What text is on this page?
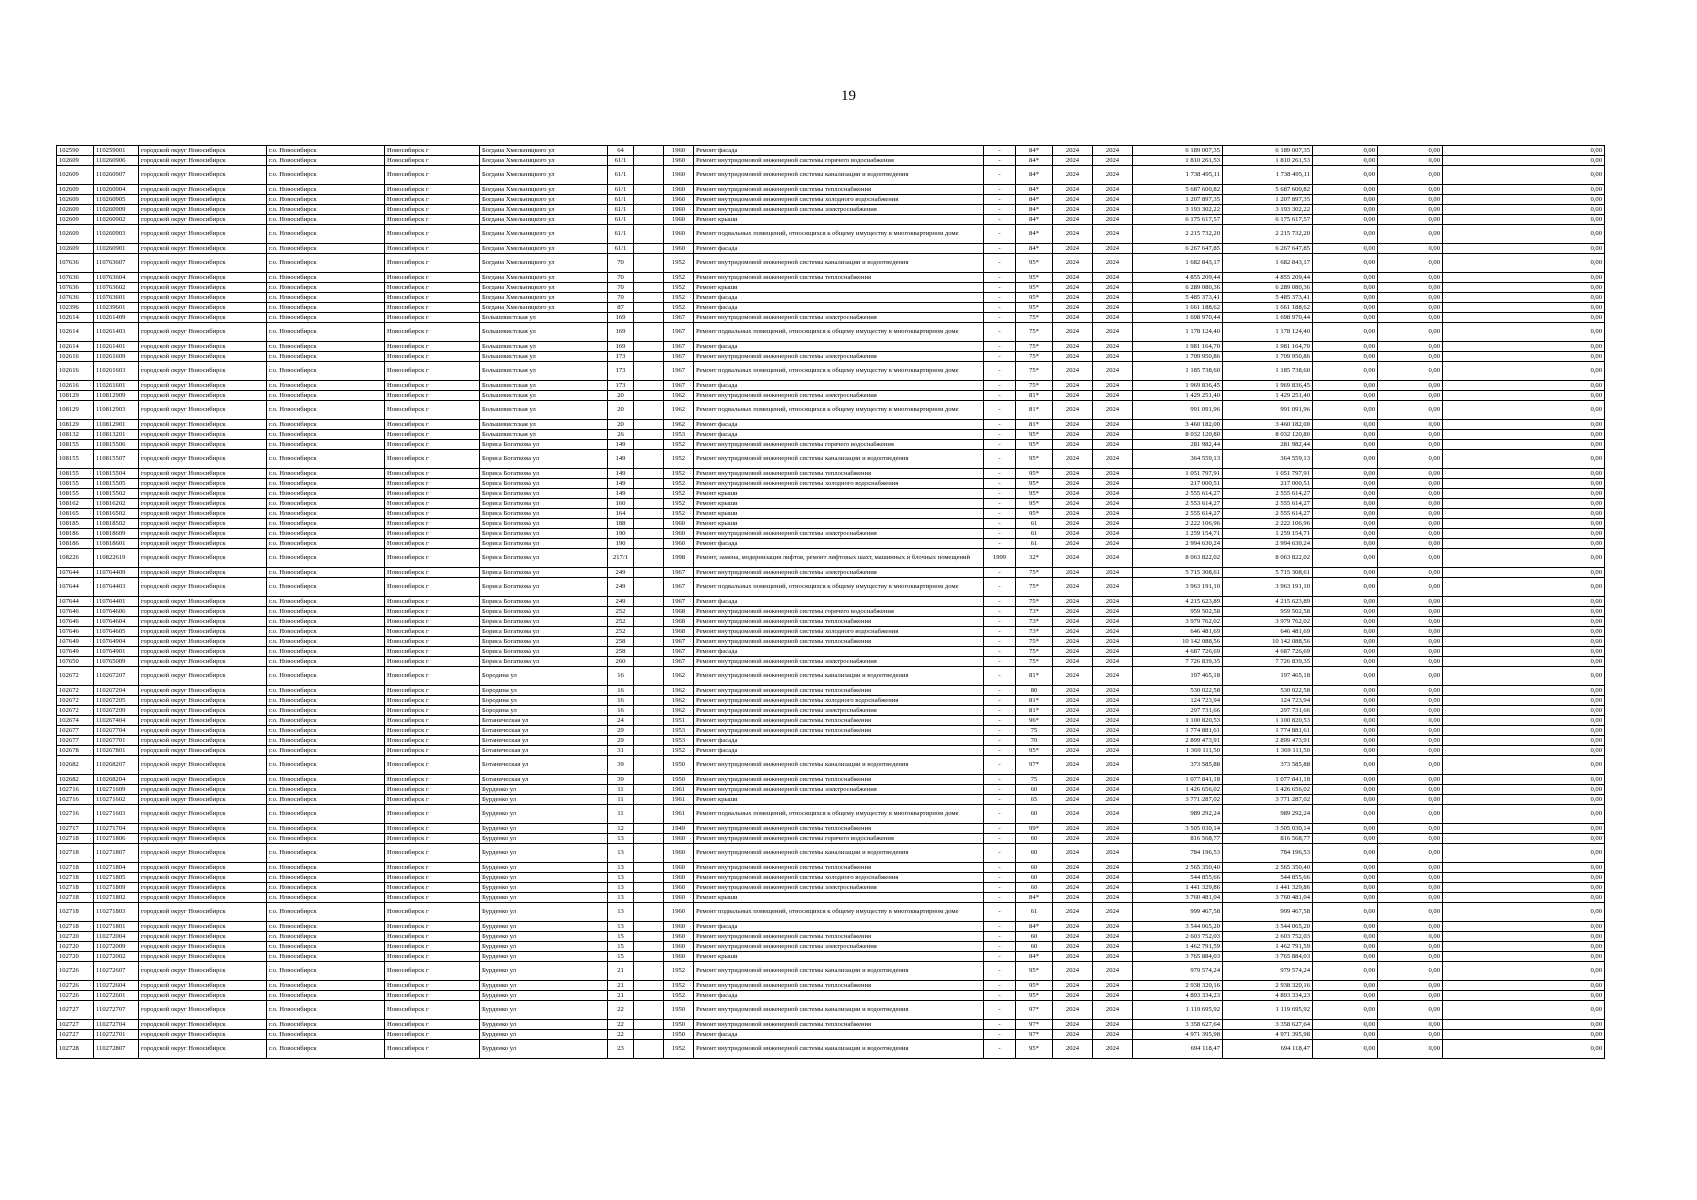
19
102590	110259001	городской округ Новосибирск	г.о. Новосибирск	Новосибирск г	Богдана Хмельницкого ул	64		1960	Ремонт фасада	-	84*	2024	2024	6 189 007,35	6 189 007,35	0,00	0,00	0,00
102609	110260906	городской округ Новосибирск	г.о. Новосибирск	Новосибирск г	Богдана Хмельницкого ул	61/1		1960	Ремонт внутридомовой инженерной системы горячего водоснабжения	-	84*	2024	2024	1 810 261,53	1 810 261,53	0,00	0,00	0,00
102609	110260907	городской округ Новосибирск	г.о. Новосибирск	Новосибирск г	Богдана Хмельницкого ул	61/1		1960	Ремонт внутридомовой инженерной системы канализации и водоотведения	-	84*	2024	2024	1 738 495,11	1 738 495,11	0,00	0,00	0,00
102609	110260904	городской округ Новосибирск	г.о. Новосибирск	Новосибирск г	Богдана Хмельницкого ул	61/1		1960	Ремонт внутридомовой инженерной системы теплоснабжения	-	84*	2024	2024	5 687 600,82	5 687 600,82	0,00	0,00	0,00
102609	110260905	городской округ Новосибирск	г.о. Новосибирск	Новосибирск г	Богдана Хмельницкого ул	61/1		1960	Ремонт внутридомовой инженерной системы холодного водоснабжения	-	84*	2024	2024	1 207 897,35	1 207 897,35	0,00	0,00	0,00
102609	110260909	городской округ Новосибирск	г.о. Новосибирск	Новосибирск г	Богдана Хмельницкого ул	61/1		1960	Ремонт внутридомовой инженерной системы электроснабжения	-	84*	2024	2024	3 193 302,22	3 193 302,22	0,00	0,00	0,00
102609	110260902	городской округ Новосибирск	г.о. Новосибирск	Новосибирск г	Богдана Хмельницкого ул	61/1		1960	Ремонт крыши	-	84*	2024	2024	6 175 617,57	6 175 617,57	0,00	0,00	0,00
102609	110260903	городской округ Новосибирск	г.о. Новосибирск	Новосибирск г	Богдана Хмельницкого ул	61/1		1960	Ремонт подвальных помещений, относящихся к общему имуществу в многоквартирном доме	-	84*	2024	2024	2 215 732,20	2 215 732,20	0,00	0,00	0,00
102609	110260901	городской округ Новосибирск	г.о. Новосибирск	Новосибирск г	Богдана Хмельницкого ул	61/1		1960	Ремонт фасада	-	84*	2024	2024	6 267 647,85	6 267 647,85	0,00	0,00	0,00
107636	110763607	городской округ Новосибирск	г.о. Новосибирск	Новосибирск г	Богдана Хмельницкого ул	70		1952	Ремонт внутридомовой инженерной системы канализации и водоотведения	-	95*	2024	2024	1 682 843,17	1 682 843,17	0,00	0,00	0,00
107636	110763604	городской округ Новосибирск	г.о. Новосибирск	Новосибирск г	Богдана Хмельницкого ул	70		1952	Ремонт внутридомовой инженерной системы теплоснабжения	-	95*	2024	2024	4 855 209,44	4 855 209,44	0,00	0,00	0,00
107636	110763602	городской округ Новосибирск	г.о. Новосибирск	Новосибирск г	Богдана Хмельницкого ул	70		1952	Ремонт крыши	-	95*	2024	2024	6 289 080,36	6 289 080,36	0,00	0,00	0,00
107636	110763601	городской округ Новосибирск	г.о. Новосибирск	Новосибирск г	Богдана Хмельницкого ул	70		1952	Ремонт фасада	-	95*	2024	2024	5 485 373,41	5 485 373,41	0,00	0,00	0,00
102396	110239601	городской округ Новосибирск	г.о. Новосибирск	Новосибирск г	Богдана Хмельницкого ул	87		1952	Ремонт фасада	-	95*	2024	2024	1 661 188,62	1 661 188,62	0,00	0,00	0,00
102614	110261409	городской округ Новосибирск	г.о. Новосибирск	Новосибирск г	Большевистская ул	169		1967	Ремонт внутридомовой инженерной системы электроснабжения	-	75*	2024	2024	1 698 970,44	1 698 970,44	0,00	0,00	0,00
102614	110261403	городской округ Новосибирск	г.о. Новосибирск	Новосибирск г	Большевистская ул	169		1967	Ремонт подвальных помещений, относящихся к общему имуществу в многоквартирном доме	-	75*	2024	2024	1 178 124,40	1 178 124,40	0,00	0,00	0,00
102614	110261401	городской округ Новосибирск	г.о. Новосибирск	Новосибирск г	Большевистская ул	169		1967	Ремонт фасада	-	75*	2024	2024	1 981 164,70	1 981 164,70	0,00	0,00	0,00
102616	110261609	городской округ Новосибирск	г.о. Новосибирск	Новосибирск г	Большевистская ул	173		1967	Ремонт внутридомовой инженерной системы электроснабжения	-	75*	2024	2024	1 709 950,86	1 709 950,86	0,00	0,00	0,00
102616	110261603	городской округ Новосибирск	г.о. Новосибирск	Новосибирск г	Большевистская ул	173		1967	Ремонт подвальных помещений, относящихся к общему имуществу в многоквартирном доме	-	75*	2024	2024	1 185 738,60	1 185 738,60	0,00	0,00	0,00
102616	110261601	городской округ Новосибирск	г.о. Новосибирск	Новосибирск г	Большевистская ул	173		1967	Ремонт фасада	-	75*	2024	2024	1 969 836,45	1 969 836,45	0,00	0,00	0,00
108129	110812909	городской округ Новосибирск	г.о. Новосибирск	Новосибирск г	Большевистская ул	20		1962	Ремонт внутридомовой инженерной системы электроснабжения	-	81*	2024	2024	1 429 251,40	1 429 251,40	0,00	0,00	0,00
108129	110812903	городской округ Новосибирск	г.о. Новосибирск	Новосибирск г	Большевистская ул	20		1962	Ремонт подвальных помещений, относящихся к общему имуществу в многоквартирном доме	-	81*	2024	2024	991 091,96	991 091,96	0,00	0,00	0,00
108129	110812901	городской округ Новосибирск	г.о. Новосибирск	Новосибирск г	Большевистская ул	20		1962	Ремонт фасада	-	81*	2024	2024	3 460 182,00	3 460 182,00	0,00	0,00	0,00
108132	110813201	городской округ Новосибирск	г.о. Новосибирск	Новосибирск г	Большевистская ул	26		1953	Ремонт фасада	-	95*	2024	2024	8 032 120,80	8 032 120,80	0,00	0,00	0,00
108155	110815506	городской округ Новосибирск	г.о. Новосибирск	Новосибирск г	Бориса Богаткова ул	149		1952	Ремонт внутридомовой инженерной системы горячего водоснабжения	-	95*	2024	2024	281 982,44	281 982,44	0,00	0,00	0,00
108155	110815507	городской округ Новосибирск	г.о. Новосибирск	Новосибирск г	Бориса Богаткова ул	149		1952	Ремонт внутридомовой инженерной системы канализации и водоотведения	-	95*	2024	2024	364 559,13	364 559,13	0,00	0,00	0,00
108155	110815504	городской округ Новосибирск	г.о. Новосибирск	Новосибирск г	Бориса Богаткова ул	149		1952	Ремонт внутридомовой инженерной системы теплоснабжения	-	95*	2024	2024	1 051 797,91	1 051 797,91	0,00	0,00	0,00
108155	110815505	городской округ Новосибирск	г.о. Новосибирск	Новосибирск г	Бориса Богаткова ул	149		1952	Ремонт внутридомовой инженерной системы холодного водоснабжения	-	95*	2024	2024	217 000,51	217 000,51	0,00	0,00	0,00
108155	110815502	городской округ Новосибирск	г.о. Новосибирск	Новосибирск г	Бориса Богаткова ул	149		1952	Ремонт крыши	-	95*	2024	2024	2 555 614,27	2 555 614,27	0,00	0,00	0,00
108162	110816202	городской округ Новосибирск	г.о. Новосибирск	Новосибирск г	Бориса Богаткова ул	160		1952	Ремонт крыши	-	95*	2024	2024	2 553 614,27	2 555 614,27	0,00	0,00	0,00
108165	110816502	городской округ Новосибирск	г.о. Новосибирск	Новосибирск г	Бориса Богаткова ул	164		1952	Ремонт крыши	-	95*	2024	2024	2 555 614,27	2 555 614,27	0,00	0,00	0,00
108185	110818502	городской округ Новосибирск	г.о. Новосибирск	Новосибирск г	Бориса Богаткова ул	188		1960	Ремонт крыши	-	61	2024	2024	2 222 106,96	2 222 106,96	0,00	0,00	0,00
108186	110818609	городской округ Новосибирск	г.о. Новосибирск	Новосибирск г	Бориса Богаткова ул	190		1960	Ремонт внутридомовой инженерной системы электроснабжения	-	61	2024	2024	1 259 154,71	1 259 154,71	0,00	0,00	0,00
108186	110818601	городской округ Новосибирск	г.о. Новосибирск	Новосибирск г	Бориса Богаткова ул	190		1960	Ремонт фасада	-	61	2024	2024	2 994 630,24	2 994 630,24	0,00	0,00	0,00
108226	110822619	городской округ Новосибирск	г.о. Новосибирск	Новосибирск г	Бориса Богаткова ул	217/1		1998	Ремонт, замена, модернизация лифтов, ремонт лифтовых шахт, машинных и блочных помещений	1999	32*	2024	2024	8 063 822,02	8 063 822,02	0,00	0,00	0,00
107644	110764409	городской округ Новосибирск	г.о. Новосибирск	Новосибирск г	Бориса Богаткова ул	249		1967	Ремонт внутридомовой инженерной системы электроснабжения	-	75*	2024	2024	5 715 308,61	5 715 308,61	0,00	0,00	0,00
107644	110764403	городской округ Новосибирск	г.о. Новосибирск	Новосибирск г	Бориса Богаткова ул	249		1967	Ремонт подвальных помещений, относящихся к общему имуществу в многоквартирном доме	-	75*	2024	2024	3 963 191,10	3 963 191,10	0,00	0,00	0,00
107644	110764401	городской округ Новосибирск	г.о. Новосибирск	Новосибирск г	Бориса Богаткова ул	249		1967	Ремонт фасада	-	75*	2024	2024	4 215 623,89	4 215 623,89	0,00	0,00	0,00
107646	110764606	городской округ Новосибирск	г.о. Новосибирск	Новосибирск г	Бориса Богаткова ул	252		1968	Ремонт внутридомовой инженерной системы горячего водоснабжения	-	73*	2024	2024	959 502,58	959 502,58	0,00	0,00	0,00
107646	110764604	городской округ Новосибирск	г.о. Новосибирск	Новосибирск г	Бориса Богаткова ул	252		1968	Ремонт внутридомовой инженерной системы теплоснабжения	-	73*	2024	2024	3 979 762,02	3 979 762,02	0,00	0,00	0,00
107646	110764605	городской округ Новосибирск	г.о. Новосибирск	Новосибирск г	Бориса Богаткова ул	252		1968	Ремонт внутридомовой инженерной системы холодного водоснабжения	-	73*	2024	2024	646 481,69	646 481,69	0,00	0,00	0,00
107649	110764904	городской округ Новосибирск	г.о. Новосибирск	Новосибирск г	Бориса Богаткова ул	258		1967	Ремонт внутридомовой инженерной системы теплоснабжения	-	75*	2024	2024	10 142 088,56	10 142 088,56	0,00	0,00	0,00
107649	110764901	городской округ Новосибирск	г.о. Новосибирск	Новосибирск г	Бориса Богаткова ул	258		1967	Ремонт фасада	-	75*	2024	2024	4 687 726,69	4 687 726,69	0,00	0,00	0,00
107650	110765009	городской округ Новосибирск	г.о. Новосибирск	Новосибирск г	Бориса Богаткова ул	260		1967	Ремонт внутридомовой инженерной системы электроснабжения	-	75*	2024	2024	7 726 839,35	7 726 839,35	0,00	0,00	0,00
102672	110267207	городской округ Новосибирск	г.о. Новосибирск	Новосибирск г	Бородина ул	16		1962	Ремонт внутридомовой инженерной системы канализации и водоотведения	-	81*	2024	2024	197 465,18	197 465,18	0,00	0,00	0,00
102672	110267204	городской округ Новосибирск	г.о. Новосибирск	Новосибирск г	Бородина ул	16		1962	Ремонт внутридомовой инженерной системы теплоснабжения	-	80	2024	2024	530 022,58	530 022,58	0,00	0,00	0,00
102672	110267205	городской округ Новосибирск	г.о. Новосибирск	Новосибирск г	Бородина ул	16		1962	Ремонт внутридомовой инженерной системы холодного водоснабжения	-	81*	2024	2024	124 723,94	124 723,94	0,00	0,00	0,00
102672	110267209	городской округ Новосибирск	г.о. Новосибирск	Новосибирск г	Бородина ул	16		1962	Ремонт внутридомовой инженерной системы электроснабжения	-	81*	2024	2024	297 731,66	297 731,66	0,00	0,00	0,00
102674	110267404	городской округ Новосибирск	г.о. Новосибирск	Новосибирск г	Ботаническая ул	24		1951	Ремонт внутридомовой инженерной системы теплоснабжения	-	96*	2024	2024	1 100 820,53	1 100 820,53	0,00	0,00	0,00
102677	110267704	городской округ Новосибирск	г.о. Новосибирск	Новосибирск г	Ботаническая ул	29		1953	Ремонт внутридомовой инженерной системы теплоснабжения	-	75	2024	2024	1 774 881,61	1 774 881,61	0,00	0,00	0,00
102677	110267701	городской округ Новосибирск	г.о. Новосибирск	Новосибирск г	Ботаническая ул	29		1953	Ремонт фасада	-	70	2024	2024	2 899 473,91	2 899 473,91	0,00	0,00	0,00
102678	110267801	городской округ Новосибирск	г.о. Новосибирск	Новосибирск г	Ботаническая ул	31		1952	Ремонт фасада	-	95*	2024	2024	1 369 111,50	1 369 111,50	0,00	0,00	0,00
102682	110268207	городской округ Новосибирск	г.о. Новосибирск	Новосибирск г	Ботаническая ул	39		1950	Ремонт внутридомовой инженерной системы канализации и водоотведения	-	97*	2024	2024	373 585,88	373 585,88	0,00	0,00	0,00
102682	110268204	городской округ Новосибирск	г.о. Новосибирск	Новосибирск г	Ботаническая ул	39		1950	Ремонт внутридомовой инженерной системы теплоснабжения	-	75	2024	2024	1 077 841,18	1 077 841,18	0,00	0,00	0,00
102716	110271609	городской округ Новосибирск	г.о. Новосибирск	Новосибирск г	Бурденко ул	11		1961	Ремонт внутридомовой инженерной системы электроснабжения	-	60	2024	2024	1 426 656,02	1 426 656,02	0,00	0,00	0,00
102716	110271602	городской округ Новосибирск	г.о. Новосибирск	Новосибирск г	Бурденко ул	11		1961	Ремонт крыши	-	65	2024	2024	3 771 287,02	3 771 287,02	0,00	0,00	0,00
102716	110271603	городской округ Новосибирск	г.о. Новосибирск	Новосибирск г	Бурденко ул	11		1961	Ремонт подвальных помещений, относящихся к общему имуществу в многоквартирном доме	-	60	2024	2024	989 292,24	989 292,24	0,00	0,00	0,00
102717	110271704	городской округ Новосибирск	г.о. Новосибирск	Новосибирск г	Бурденко ул	12		1949	Ремонт внутридомовой инженерной системы теплоснабжения	-	99*	2024	2024	3 505 030,14	3 505 030,14	0,00	0,00	0,00
102718	110271806	городской округ Новосибирск	г.о. Новосибирск	Новосибирск г	Бурденко ул	13		1960	Ремонт внутридомовой инженерной системы горячего водоснабжения	-	60	2024	2024	816 568,77	816 568,77	0,00	0,00	0,00
102718	110271807	городской округ Новосибирск	г.о. Новосибирск	Новосибирск г	Бурденко ул	13		1960	Ремонт внутридомовой инженерной системы канализации и водоотведения	-	60	2024	2024	784 196,53	784 196,53	0,00	0,00	0,00
102718	110271804	городской округ Новосибирск	г.о. Новосибирск	Новосибирск г	Бурденко ул	13		1960	Ремонт внутридомовой инженерной системы теплоснабжения	-	60	2024	2024	2 565 350,40	2 565 350,40	0,00	0,00	0,00
102718	110271805	городской округ Новосибирск	г.о. Новосибирск	Новосибирск г	Бурденко ул	13		1960	Ремонт внутридомовой инженерной системы холодного водоснабжения	-	60	2024	2024	544 855,66	544 855,66	0,00	0,00	0,00
102718	110271809	городской округ Новосибирск	г.о. Новосибирск	Новосибирск г	Бурденко ул	13		1960	Ремонт внутридомовой инженерной системы электроснабжения	-	60	2024	2024	1 441 329,86	1 441 329,86	0,00	0,00	0,00
102718	110271802	городской округ Новосибирск	г.о. Новосибирск	Новосибирск г	Бурденко ул	13		1960	Ремонт крыши	-	84*	2024	2024	3 760 481,04	3 760 481,04	0,00	0,00	0,00
102718	110271803	городской округ Новосибирск	г.о. Новосибирск	Новосибирск г	Бурденко ул	13		1960	Ремонт подвальных помещений, относящихся к общему имуществу в многоквартирном доме	-	61	2024	2024	999 467,58	999 467,58	0,00	0,00	0,00
102718	110271801	городской округ Новосибирск	г.о. Новосибирск	Новосибирск г	Бурденко ул	13		1960	Ремонт фасада	-	84*	2024	2024	3 544 065,20	3 544 065,20	0,00	0,00	0,00
102720	110272004	городской округ Новосибирск	г.о. Новосибирск	Новосибирск г	Бурденко ул	15		1960	Ремонт внутридомовой инженерной системы теплоснабжения	-	60	2024	2024	2 603 752,03	2 603 752,03	0,00	0,00	0,00
102720	110272009	городской округ Новосибирск	г.о. Новосибирск	Новосибирск г	Бурденко ул	15		1960	Ремонт внутридомовой инженерной системы электроснабжения	-	60	2024	2024	1 462 791,59	1 462 791,59	0,00	0,00	0,00
102720	110272002	городской округ Новосибирск	г.о. Новосибирск	Новосибирск г	Бурденко ул	15		1960	Ремонт крыши	-	84*	2024	2024	3 765 884,03	3 765 884,03	0,00	0,00	0,00
102726	110272607	городской округ Новосибирск	г.о. Новосибирск	Новосибирск г	Бурденко ул	21		1952	Ремонт внутридомовой инженерной системы канализации и водоотведения	-	95*	2024	2024	979 574,24	979 574,24	0,00	0,00	0,00
102726	110272604	городской округ Новосибирск	г.о. Новосибирск	Новосибирск г	Бурденко ул	21		1952	Ремонт внутридомовой инженерной системы теплоснабжения	-	95*	2024	2024	2 938 320,16	2 938 320,16	0,00	0,00	0,00
102726	110272601	городской округ Новосибирск	г.о. Новосибирск	Новосибирск г	Бурденко ул	21		1952	Ремонт фасада	-	95*	2024	2024	4 893 334,23	4 893 334,23	0,00	0,00	0,00
102727	110272707	городской округ Новосибирск	г.о. Новосибирск	Новосибирск г	Бурденко ул	22		1950	Ремонт внутридомовой инженерной системы канализации и водоотведения	-	97*	2024	2024	1 119 695,92	1 119 695,92	0,00	0,00	0,00
102727	110272704	городской округ Новосибирск	г.о. Новосибирск	Новосибирск г	Бурденко ул	22		1950	Ремонт внутридомовой инженерной системы теплоснабжения	-	97*	2024	2024	3 358 627,64	3 358 627,64	0,00	0,00	0,00
102727	110272701	городской округ Новосибирск	г.о. Новосибирск	Новосибирск г	Бурденко ул	22		1950	Ремонт фасада	-	97*	2024	2024	4 971 395,98	4 971 395,98	0,00	0,00	0,00
102728	110272807	городской округ Новосибирск	г.о. Новосибирск	Новосибирск г	Бурденко ул	23		1952	Ремонт внутридомовой инженерной системы канализации и водоотведения	-	95*	2024	2024	694 118,47	694 118,47	0,00	0,00	0,00
